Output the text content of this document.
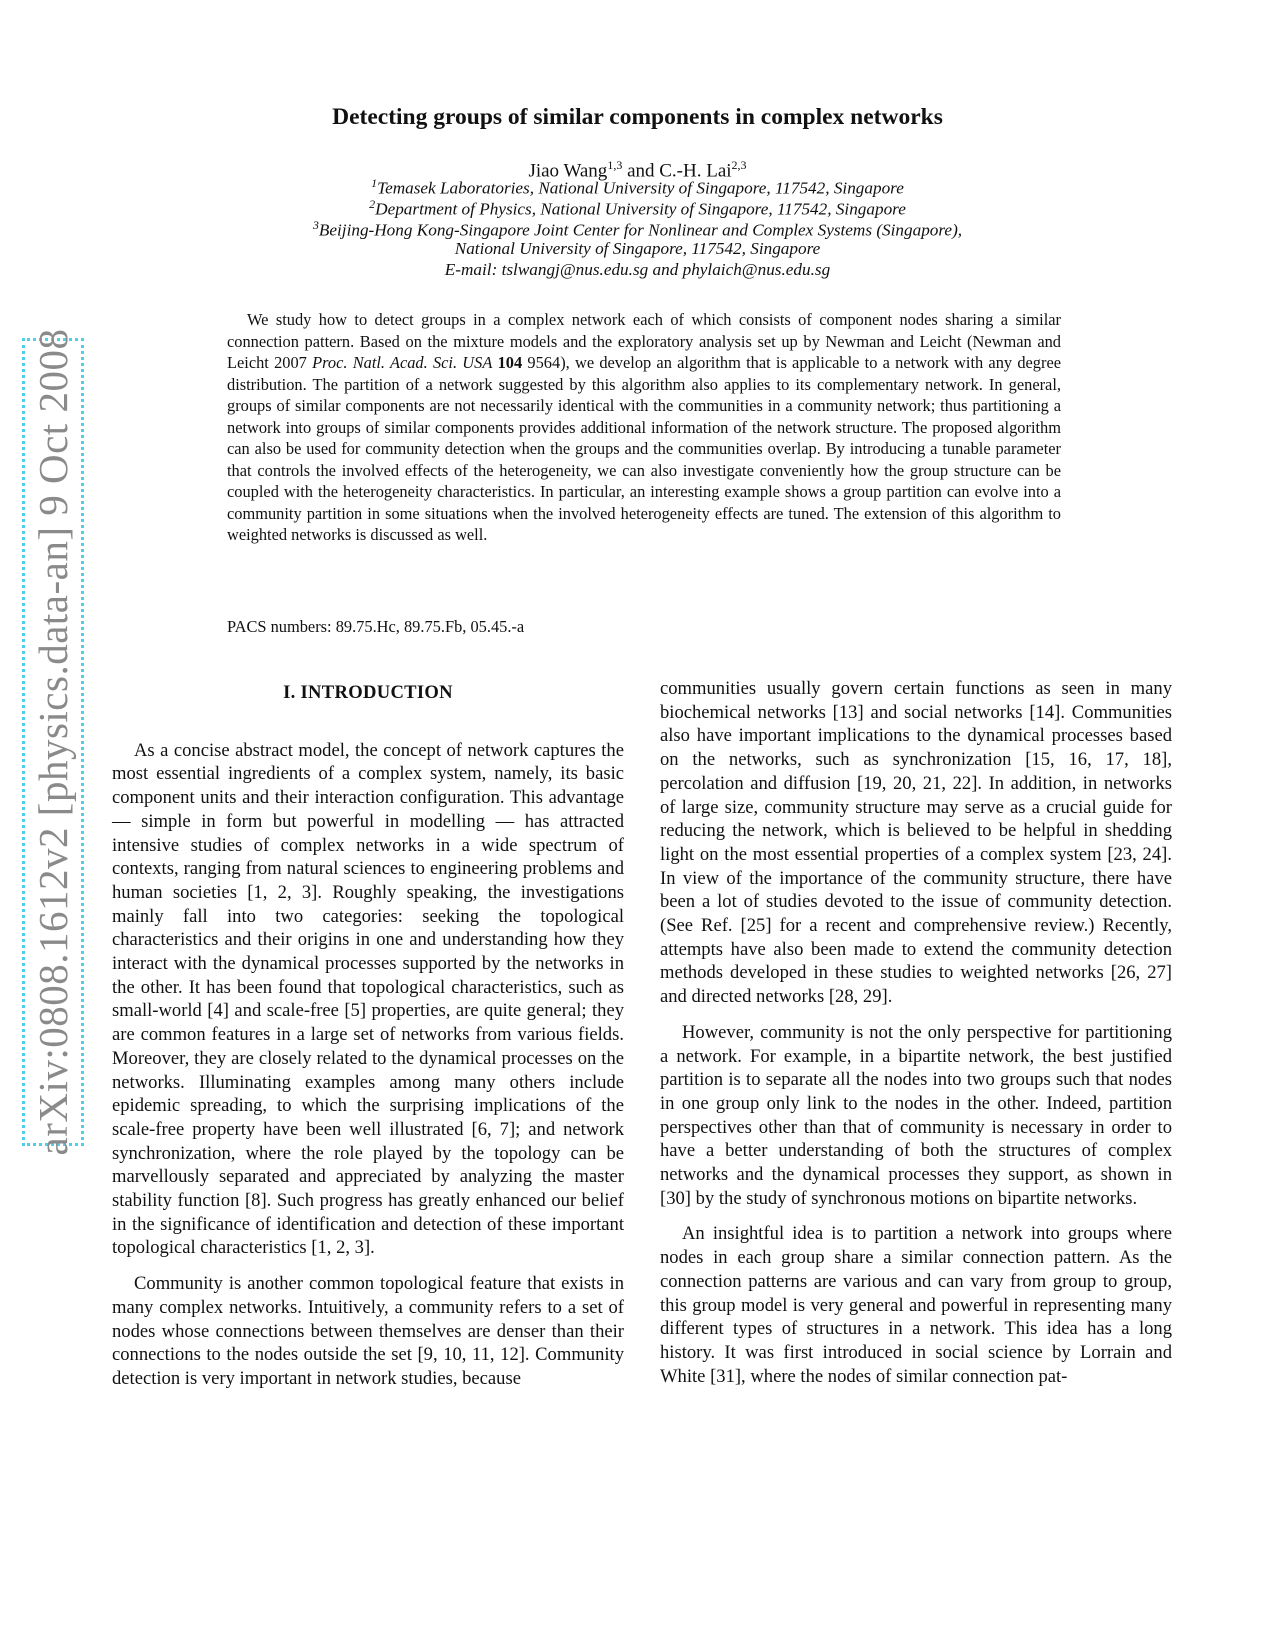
arXiv:0808.1612v2 [physics.data-an] 9 Oct 2008
Detecting groups of similar components in complex networks
Jiao Wang$^{1,3}$ and C.-H. Lai$^{2,3}$
$^1$Temasek Laboratories, National University of Singapore, 117542, Singapore
$^2$Department of Physics, National University of Singapore, 117542, Singapore
$^3$Beijing-Hong Kong-Singapore Joint Center for Nonlinear and Complex Systems (Singapore),
National University of Singapore, 117542, Singapore
E-mail: tslwangj@nus.edu.sg and phylaich@nus.edu.sg
We study how to detect groups in a complex network each of which consists of component nodes sharing a similar connection pattern. Based on the mixture models and the exploratory analysis set up by Newman and Leicht (Newman and Leicht 2007 Proc. Natl. Acad. Sci. USA 104 9564), we develop an algorithm that is applicable to a network with any degree distribution. The partition of a network suggested by this algorithm also applies to its complementary network. In general, groups of similar components are not necessarily identical with the communities in a community network; thus partitioning a network into groups of similar components provides additional information of the network structure. The proposed algorithm can also be used for community detection when the groups and the communities overlap. By introducing a tunable parameter that controls the involved effects of the heterogeneity, we can also investigate conveniently how the group structure can be coupled with the heterogeneity characteristics. In particular, an interesting example shows a group partition can evolve into a community partition in some situations when the involved heterogeneity effects are tuned. The extension of this algorithm to weighted networks is discussed as well.
PACS numbers: 89.75.Hc, 89.75.Fb, 05.45.-a
I. INTRODUCTION

As a concise abstract model, the concept of network captures the most essential ingredients of a complex system, namely, its basic component units and their interaction configuration. This advantage — simple in form but powerful in modelling — has attracted intensive studies of complex networks in a wide spectrum of contexts, ranging from natural sciences to engineering problems and human societies [1, 2, 3]. Roughly speaking, the investigations mainly fall into two categories: seeking the topological characteristics and their origins in one and understanding how they interact with the dynamical processes supported by the networks in the other. It has been found that topological characteristics, such as small-world [4] and scale-free [5] properties, are quite general; they are common features in a large set of networks from various fields. Moreover, they are closely related to the dynamical processes on the networks. Illuminating examples among many others include epidemic spreading, to which the surprising implications of the scale-free property have been well illustrated [6, 7]; and network synchronization, where the role played by the topology can be marvellously separated and appreciated by analyzing the master stability function [8]. Such progress has greatly enhanced our belief in the significance of identification and detection of these important topological characteristics [1, 2, 3].

Community is another common topological feature that exists in many complex networks. Intuitively, a community refers to a set of nodes whose connections between themselves are denser than their connections to the nodes outside the set [9, 10, 11, 12]. Community detection is very important in network studies, because

communities usually govern certain functions as seen in many biochemical networks [13] and social networks [14]. Communities also have important implications to the dynamical processes based on the networks, such as synchronization [15, 16, 17, 18], percolation and diffusion [19, 20, 21, 22]. In addition, in networks of large size, community structure may serve as a crucial guide for reducing the network, which is believed to be helpful in shedding light on the most essential properties of a complex system [23, 24]. In view of the importance of the community structure, there have been a lot of studies devoted to the issue of community detection. (See Ref. [25] for a recent and comprehensive review.) Recently, attempts have also been made to extend the community detection methods developed in these studies to weighted networks [26, 27] and directed networks [28, 29].

However, community is not the only perspective for partitioning a network. For example, in a bipartite network, the best justified partition is to separate all the nodes into two groups such that nodes in one group only link to the nodes in the other. Indeed, partition perspectives other than that of community is necessary in order to have a better understanding of both the structures of complex networks and the dynamical processes they support, as shown in [30] by the study of synchronous motions on bipartite networks.

An insightful idea is to partition a network into groups where nodes in each group share a similar connection pattern. As the connection patterns are various and can vary from group to group, this group model is very general and powerful in representing many different types of structures in a network. This idea has a long history. It was first introduced in social science by Lorrain and White [31], where the nodes of similar connection pat-
